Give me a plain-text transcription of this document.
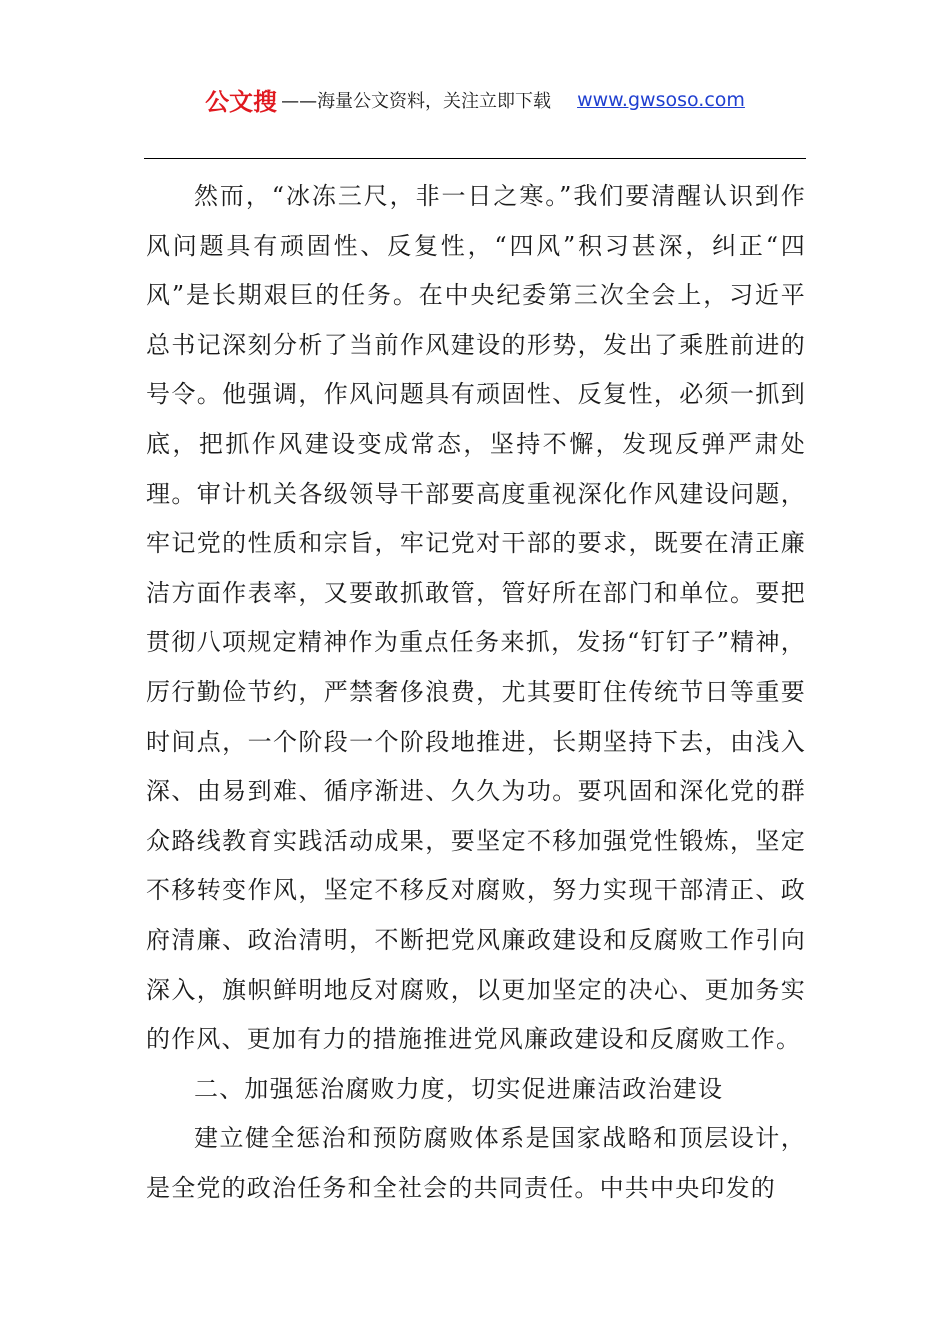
公文搜 ——海量公文资料，关注立即下载 www.gwsoso.com

然而，“冰冻三尺，非一日之寒。”我们要清醒认识到作风问题具有顽固性、反复性，“四风”积习甚深，纠正“四风”是长期艰巨的任务。在中央纪委第三次全会上，习近平总书记深刻分析了当前作风建设的形势，发出了乘胜前进的号令。他强调，作风问题具有顽固性、反复性，必须一抓到底，把抓作风建设变成常态，坚持不懈，发现反弹严肃处理。审计机关各级领导干部要高度重视深化作风建设问题，牢记党的性质和宗旨，牢记党对干部的要求，既要在清正廉洁方面作表率，又要敢抓敢管，管好所在部门和单位。要把贯彻八项规定精神作为重点任务来抓，发扬“钉钉子”精神，厉行勤俭节约，严禁奢侈浪费，尤其要盯住传统节日等重要时间点，一个阶段一个阶段地推进，长期坚持下去，由浅入深、由易到难、循序渐进、久久为功。要巩固和深化党的群众路线教育实践活动成果，要坚定不移加强党性锻炼，坚定不移转变作风，坚定不移反对腐败，努力实现干部清正、政府清廉、政治清明，不断把党风廉政建设和反腐败工作引向深入，旗帜鲜明地反对腐败，以更加坚定的决心、更加务实的作风、更加有力的措施推进党风廉政建设和反腐败工作。

二、加强惩治腐败力度，切实促进廉洁政治建设

建立健全惩治和预防腐败体系是国家战略和顶层设计，是全党的政治任务和全社会的共同责任。中共中央印发的
